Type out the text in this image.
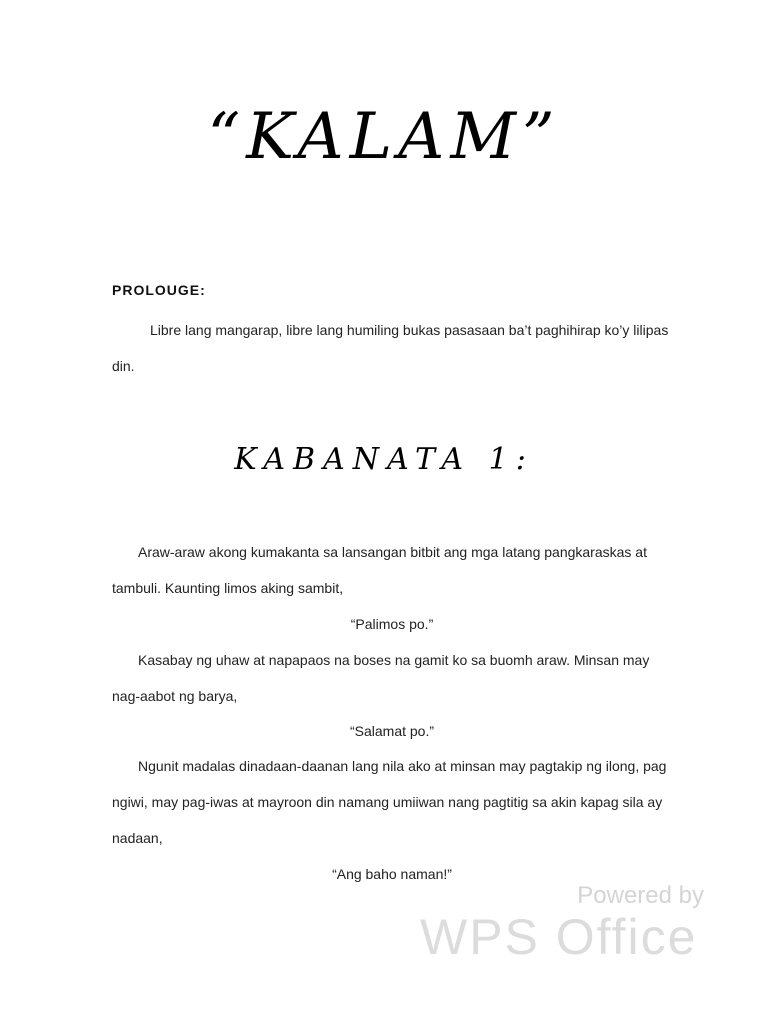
“KALAM”
PROLOUGE:
Libre lang mangarap, libre lang humiling bukas pasasaan ba’t paghihirap ko’y lilipas din.
KABANATA 1:
Araw-araw akong kumakanta sa lansangan bitbit ang mga latang pangkaraskas at tambuli. Kaunting limos aking sambit,
“Palimos po.”
Kasabay ng uhaw at napapaos na boses na gamit ko sa buomh araw. Minsan may nag-aabot ng barya,
“Salamat po.”
Ngunit madalas dinadaan-daanan lang nila ako at minsan may pagtakip ng ilong, pag ngiwi, may pag-iwas at mayroon din namang umiiwan nang pagtitig sa akin kapag sila ay nadaan,
“Ang baho naman!”
Powered by
WPS Office
